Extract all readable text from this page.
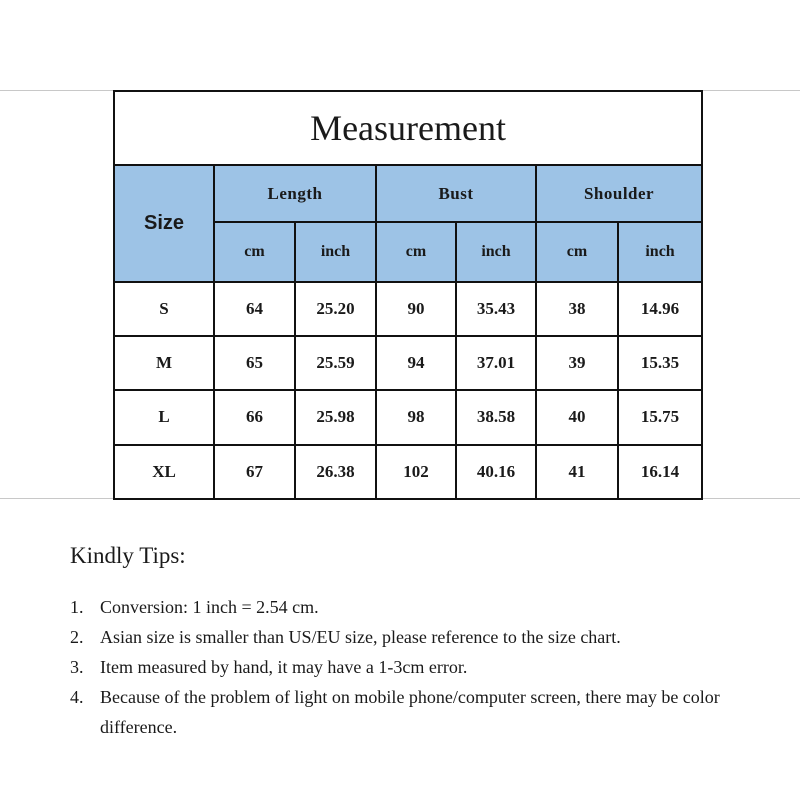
Measurement						
Size	Length		Bust		Shoulder	
	cm	inch	cm	inch	cm	inch
S	64	25.20	90	35.43	38	14.96
M	65	25.59	94	37.01	39	15.35
L	66	25.98	98	38.58	40	15.75
XL	67	26.38	102	40.16	41	16.14
Kindly Tips:
1. Conversion: 1 inch = 2.54 cm.
2. Asian size is smaller than US/EU size, please reference to the size chart.
3. Item measured by hand, it may have a 1-3cm error.
4. Because of the problem of light on mobile phone/computer screen, there may be color difference.
